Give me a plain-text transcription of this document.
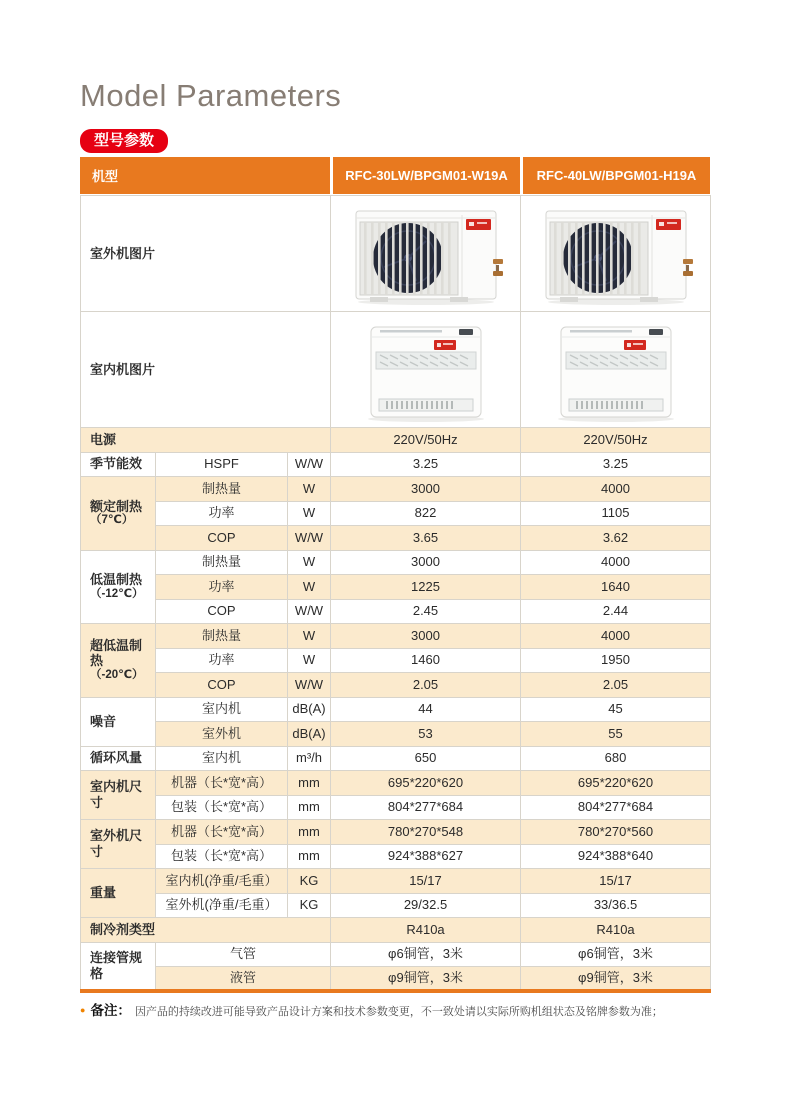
Model Parameters
型号参数
机型	RFC-30LW/BPGM01-W19A	RFC-40LW/BPGM01-H19A
室外机图片	

室内机图片	

电源			220V/50Hz	220V/50Hz
季节能效	HSPF	W/W	3.25	3.25
额定制热
（7℃）	制热量	W	3000	4000
	功率	W	822	1105
	COP	W/W	3.65	3.62
低温制热
（-12℃）	制热量	W	3000	4000
	功率	W	1225	1640
	COP	W/W	2.45	2.44
超低温制热
（-20℃）	制热量	W	3000	4000
	功率	W	1460	1950
	COP	W/W	2.05	2.05
噪音	室内机	dB(A)	44	45
	室外机	dB(A)	53	55
循环风量	室内机	m³/h	650	680
室内机尺寸	机器（长*宽*高）	mm	695*220*620	695*220*620
	包装（长*宽*高）	mm	804*277*684	804*277*684
室外机尺寸	机器（长*宽*高）	mm	780*270*548	780*270*560
	包装（长*宽*高）	mm	924*388*627	924*388*640
重量	室内机(净重/毛重）	KG	15/17	15/17
	室外机(净重/毛重）	KG	29/32.5	33/36.5
制冷剂类型			R410a	R410a
连接管规格	气管		φ6铜管，3米	φ6铜管，3米
	液管		φ9铜管，3米	φ9铜管，3米
● 备注： 因产品的持续改进可能导致产品设计方案和技术参数变更，不一致处请以实际所购机组状态及铭牌参数为准；
